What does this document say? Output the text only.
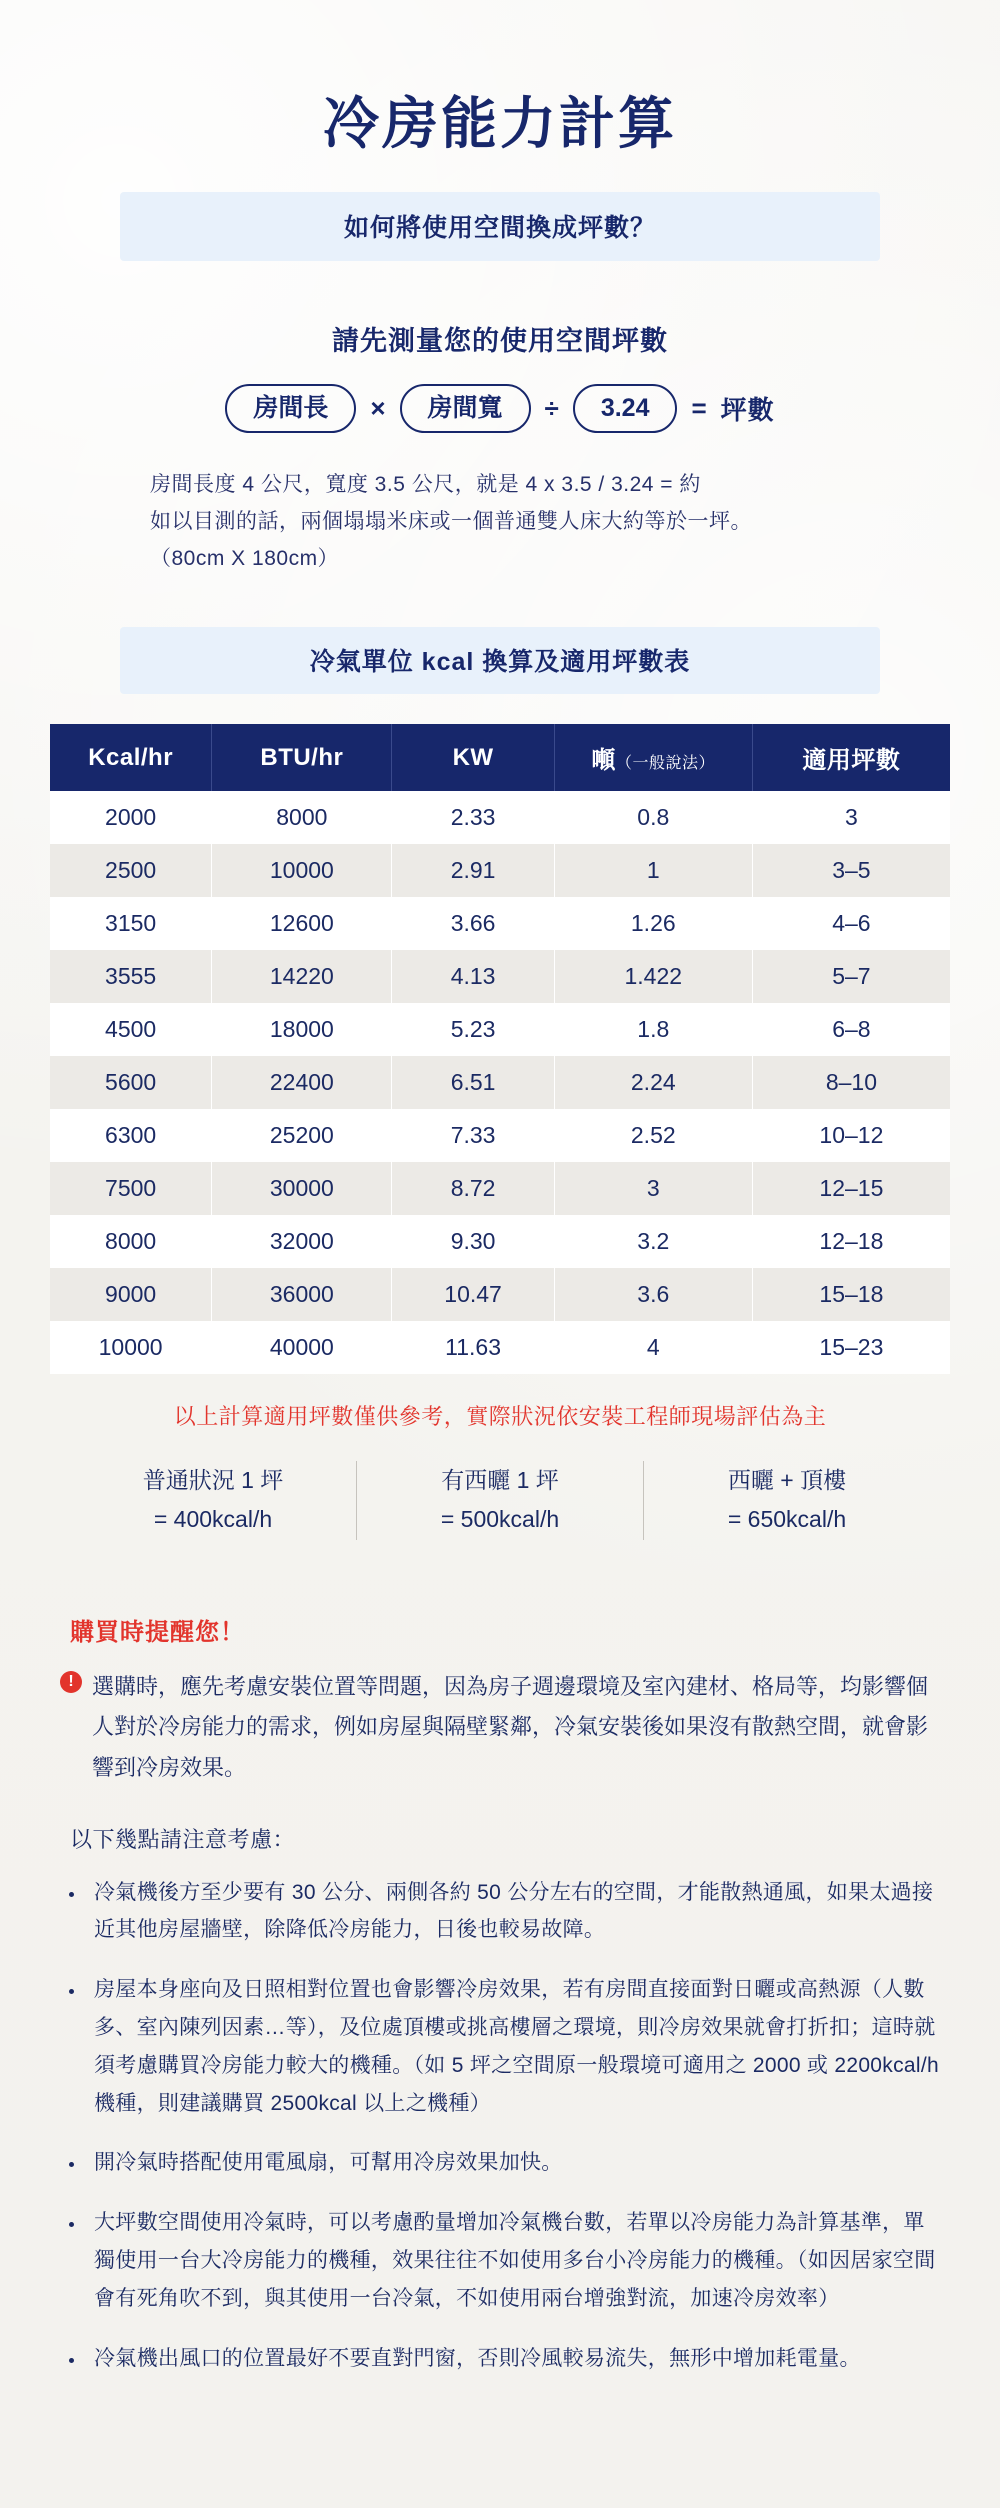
冷房能力計算
如何將使用空間換成坪數？
請先測量您的使用空間坪數
房間長	×	房間寬	÷	3.24	= 坪數
房間長度 4 公尺，寬度 3.5 公尺，就是 4 x 3.5 / 3.24 = 約
如以目測的話，兩個塌塌米床或一個普通雙人床大約等於一坪。
（80cm X 180cm）
冷氣單位 kcal 換算及適用坪數表
Kcal/hr	BTU/hr	KW	噸（一般說法）	適用坪數
2000	8000	2.33	0.8	3
2500	10000	2.91	1	3–5
3150	12600	3.66	1.26	4–6
3555	14220	4.13	1.422	5–7
4500	18000	5.23	1.8	6–8
5600	22400	6.51	2.24	8–10
6300	25200	7.33	2.52	10–12
7500	30000	8.72	3	12–15
8000	32000	9.30	3.2	12–18
9000	36000	10.47	3.6	15–18
10000	40000	11.63	4	15–23
以上計算適用坪數僅供參考，實際狀況依安裝工程師現場評估為主
普通狀況 1 坪
= 400kcal/h
有西曬 1 坪
= 500kcal/h
西曬 + 頂樓
= 650kcal/h
購買時提醒您！
! 選購時，應先考慮安裝位置等問題，因為房子週邊環境及室內建材、格局等，均影響個人對於冷房能力的需求，例如房屋與隔壁緊鄰，冷氣安裝後如果沒有散熱空間，就會影響到冷房效果。
以下幾點請注意考慮：
• 冷氣機後方至少要有 30 公分、兩側各約 50 公分左右的空間，才能散熱通風，如果太過接近其他房屋牆壁，除降低冷房能力，日後也較易故障。
• 房屋本身座向及日照相對位置也會影響冷房效果，若有房間直接面對日曬或高熱源（人數多、室內陳列因素…等），及位處頂樓或挑高樓層之環境，則冷房效果就會打折扣；這時就須考慮購買冷房能力較大的機種。（如 5 坪之空間原一般環境可適用之 2000 或 2200kcal/h 機種，則建議購買 2500kcal 以上之機種）
• 開冷氣時搭配使用電風扇，可幫用冷房效果加快。
• 大坪數空間使用冷氣時，可以考慮酌量增加冷氣機台數，若單以冷房能力為計算基準，單獨使用一台大冷房能力的機種，效果往往不如使用多台小冷房能力的機種。（如因居家空間會有死角吹不到，與其使用一台冷氣，不如使用兩台增強對流，加速冷房效率）
• 冷氣機出風口的位置最好不要直對門窗，否則冷風較易流失，無形中增加耗電量。
